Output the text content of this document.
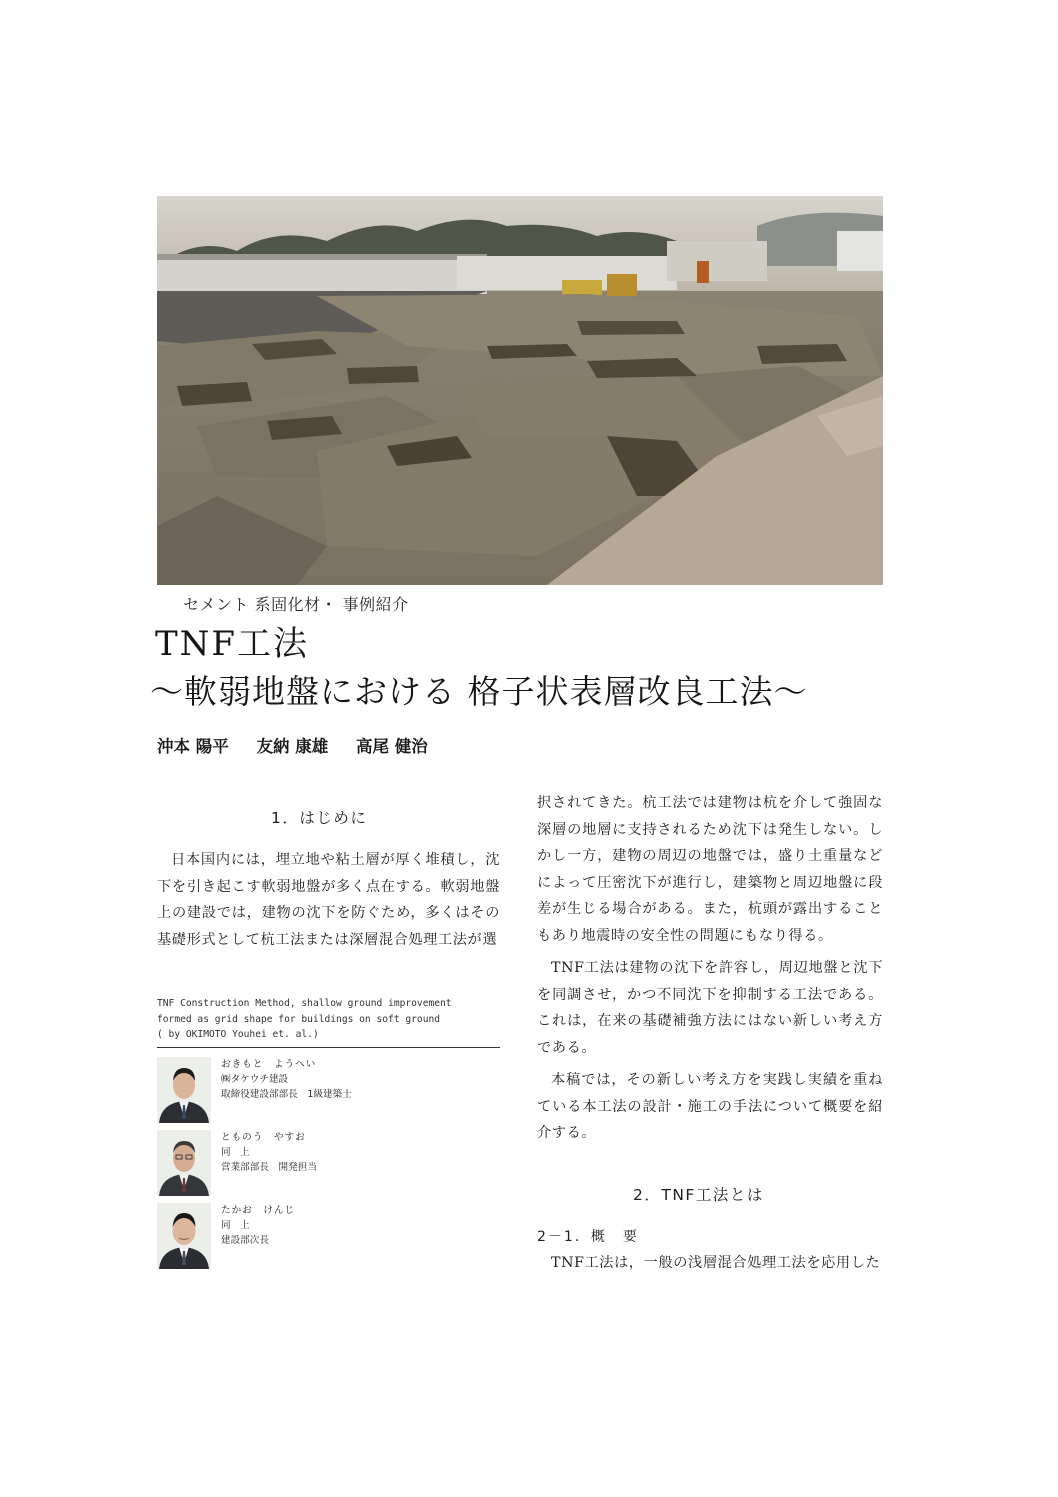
セメント 系固化材・ 事例紹介
TNF工法
〜軟弱地盤における 格子状表層改良工法〜
沖本 陽平 友納 康雄 高尾 健治
1．はじめに
日本国内には，埋立地や粘土層が厚く堆積し，沈下を引き起こす軟弱地盤が多く点在する。軟弱地盤上の建設では，建物の沈下を防ぐため，多くはその基礎形式として杭工法または深層混合処理工法が選
TNF Construction Method, shallow ground improvement
formed as grid shape for buildings on soft ground
( by OKIMOTO Youhei et. al.)
おきもと　ようへい
㈱タケウチ建設
取締役建設部部長　1級建築士
とものう　やすお
同　上
営業部部長　開発担当
たかお　けんじ
同　上
建設部次長

択されてきた。杭工法では建物は杭を介して強固な深層の地層に支持されるため沈下は発生しない。しかし一方，建物の周辺の地盤では，盛り土重量などによって圧密沈下が進行し，建築物と周辺地盤に段差が生じる場合がある。また，杭頭が露出することもあり地震時の安全性の問題にもなり得る。

TNF工法は建物の沈下を許容し，周辺地盤と沈下を同調させ，かつ不同沈下を抑制する工法である。これは，在来の基礎補強方法にはない新しい考え方である。

本稿では，その新しい考え方を実践し実績を重ねている本工法の設計・施工の手法について概要を紹介する。

2．TNF工法とは
2－1．概　要
TNF工法は，一般の浅層混合処理工法を応用した
